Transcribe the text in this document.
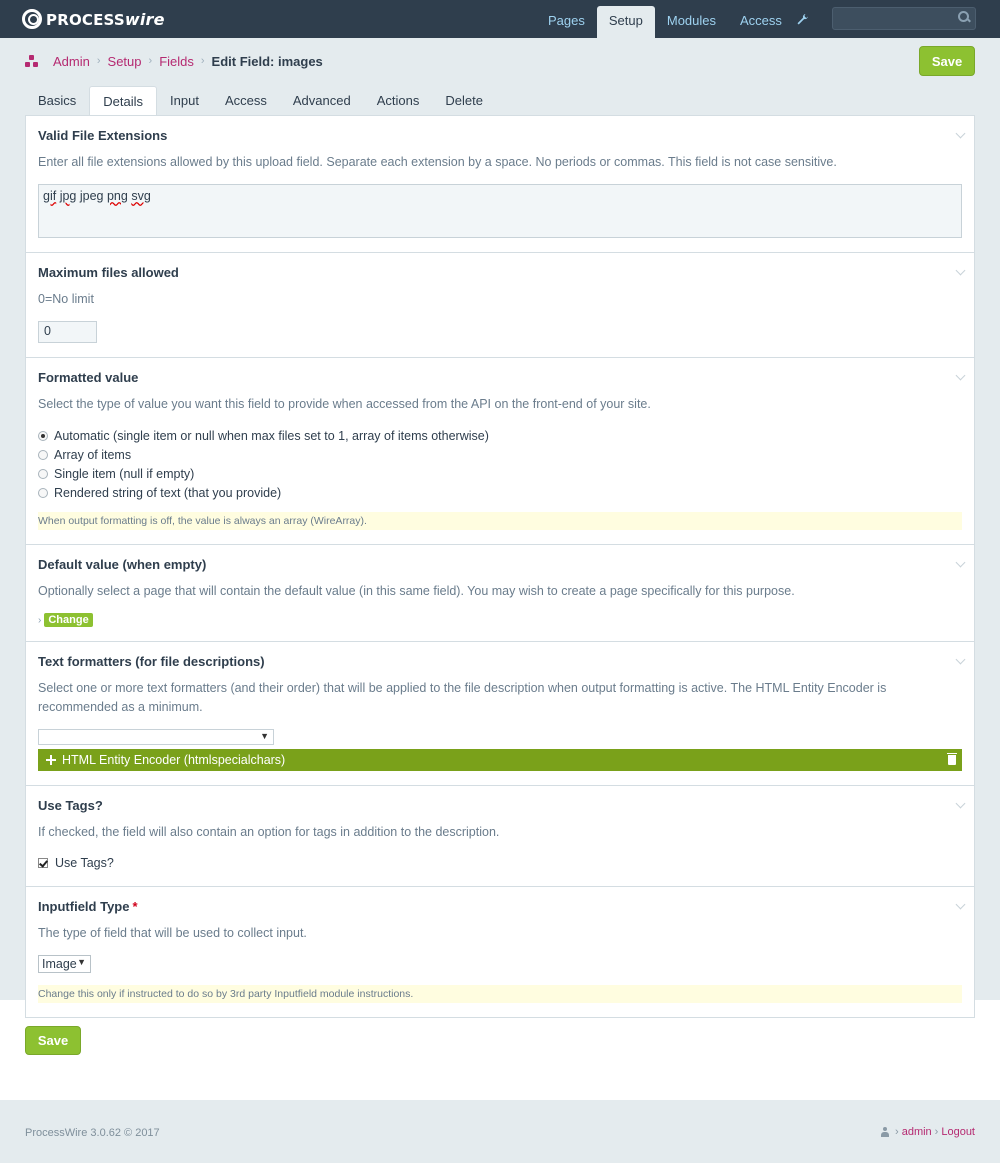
PROCESSwire	Pages	Setup	Modules	Access
Admin › Setup › Fields › Edit Field: images	Save
Basics	Details	Input	Access	Advanced	Actions	Delete
Valid File Extensions

Enter all file extensions allowed by this upload field. Separate each extension by a space. No periods or commas. This field is not case sensitive.

gif jpg jpeg png svg
Maximum files allowed

0=No limit

0
Formatted value

Select the type of value you want this field to provide when accessed from the API on the front-end of your site.

Automatic (single item or null when max files set to 1, array of items otherwise)
Array of items
Single item (null if empty)
Rendered string of text (that you provide)

When output formatting is off, the value is always an array (WireArray).

Default value (when empty)

Optionally select a page that will contain the default value (in this same field). You may wish to create a page specifically for this purpose.

› Change
Text formatters (for file descriptions)

Select one or more text formatters (and their order) that will be applied to the file description when output formatting is active. The HTML Entity Encoder is recommended as a minimum.

▼
HTML Entity Encoder (htmlspecialchars)
Use Tags?

If checked, the field will also contain an option for tags in addition to the description.

Use Tags?
Inputfield Type *

The type of field that will be used to collect input.

Image ▼

Change this only if instructed to do so by 3rd party Inputfield module instructions.

Save
ProcessWire 3.0.62 © 2017	› admin › Logout
